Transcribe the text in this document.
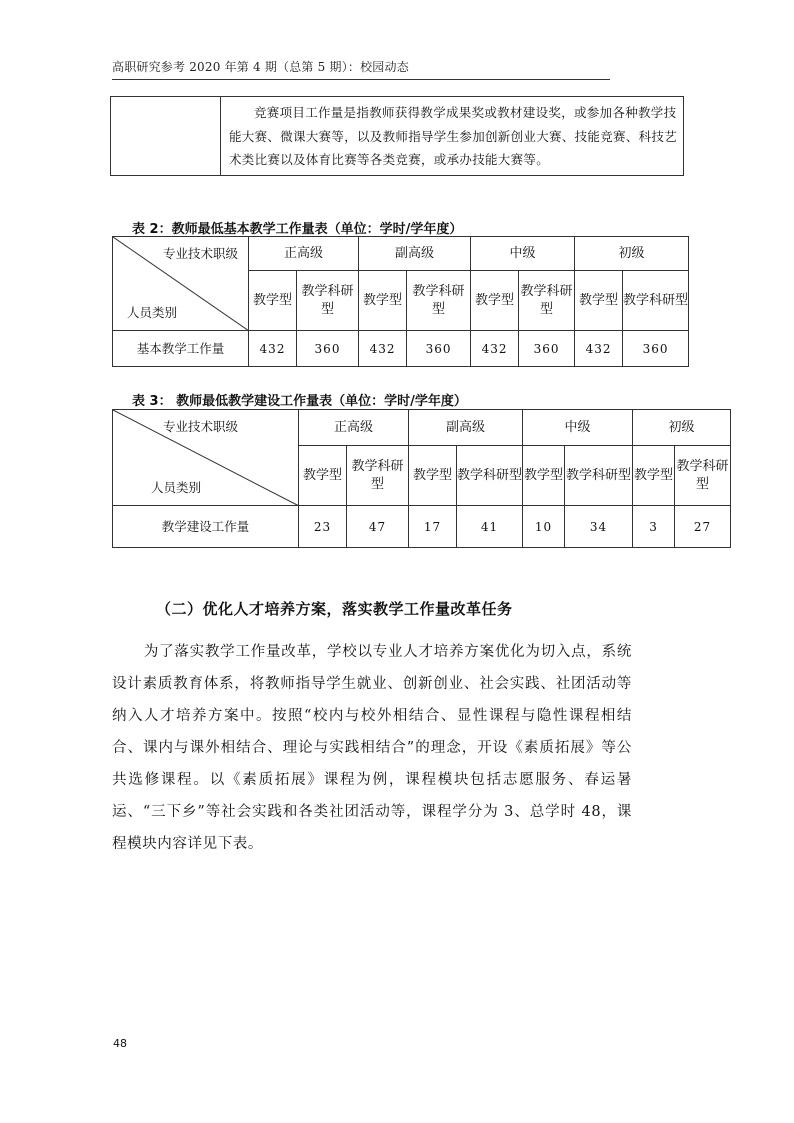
高职研究参考 2020 年第 4 期（总第 5 期）：校园动态
竞赛项目工作量是指教师获得教学成果奖或教材建设奖，或参加各种教学技能大赛、微课大赛等，以及教师指导学生参加创新创业大赛、技能竞赛、科技艺术类比赛以及体育比赛等各类竞赛，或承办技能大赛等。
表 2：教师最低基本教学工作量表（单位：学时/学年度）
专业技术职级
人员类别	正高级		副高级		中级		初级	
	教学型	教学科研型	教学型	教学科研型	教学型	教学科研型	教学型	教学科研型
基本教学工作量	432	360	432	360	432	360	432	360
表 3： 教师最低教学建设工作量表（单位：学时/学年度）
专业技术职级
人员类别	正高级		副高级		中级		初级	
	教学型	教学科研型	教学型	教学科研型	教学型	教学科研型	教学型	教学科研型
教学建设工作量	23	47	17	41	10	34	3	27
（二）优化人才培养方案，落实教学工作量改革任务
为了落实教学工作量改革，学校以专业人才培养方案优化为切入点，系统设计素质教育体系，将教师指导学生就业、创新创业、社会实践、社团活动等纳入人才培养方案中。按照“校内与校外相结合、显性课程与隐性课程相结合、课内与课外相结合、理论与实践相结合”的理念，开设《素质拓展》等公共选修课程。以《素质拓展》课程为例，课程模块包括志愿服务、春运暑运、“三下乡”等社会实践和各类社团活动等，课程学分为 3、总学时 48，课程模块内容详见下表。
48
